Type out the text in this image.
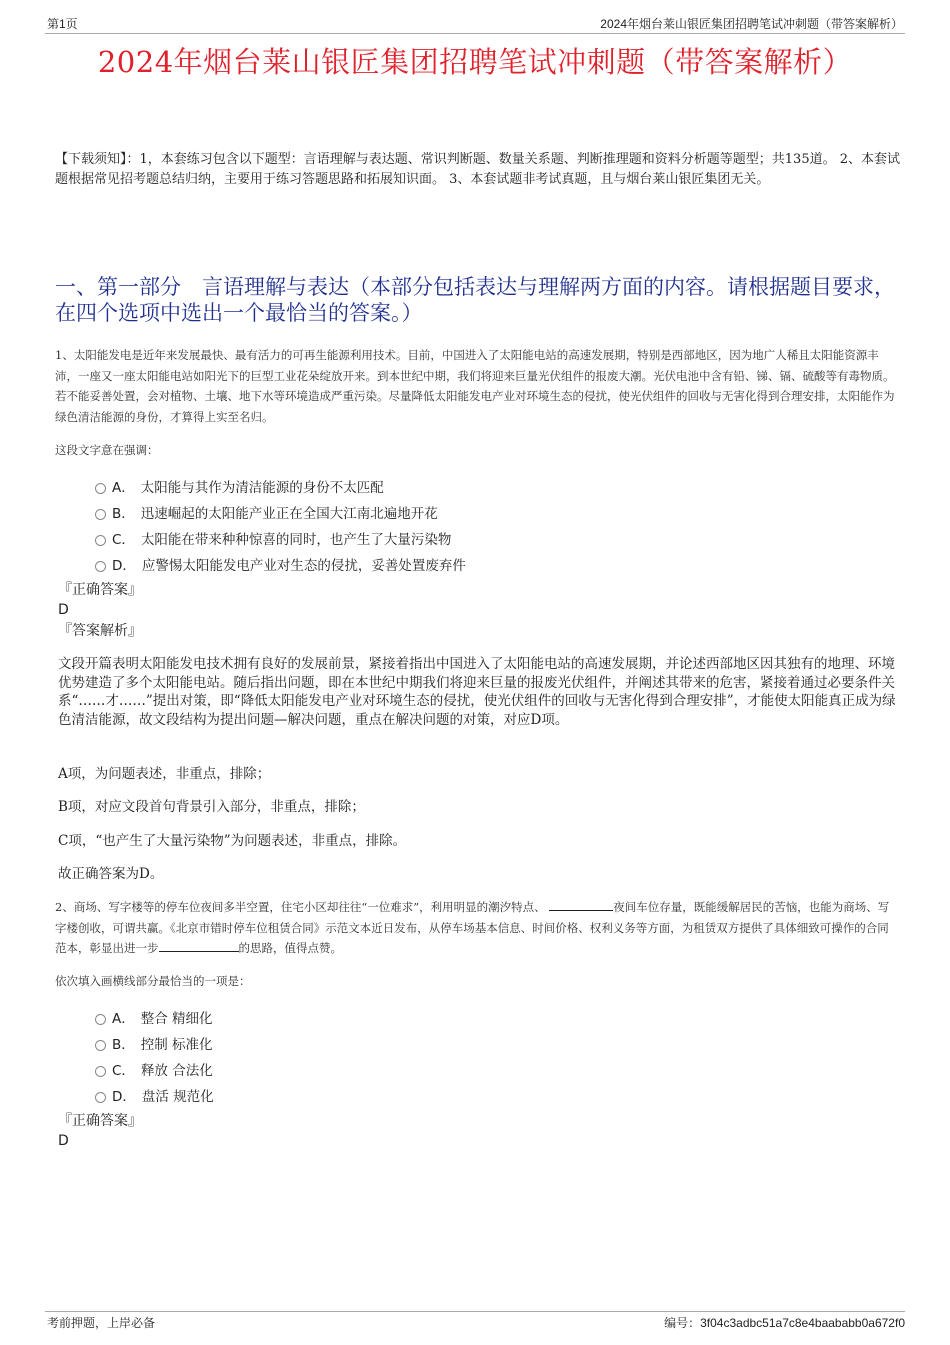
第1页	2024年烟台莱山银匠集团招聘笔试冲刺题（带答案解析）
2024年烟台莱山银匠集团招聘笔试冲刺题（带答案解析）
【下载须知】：1，本套练习包含以下题型：言语理解与表达题、常识判断题、数量关系题、判断推理题和资料分析题等题型；共135道。 2、本套试题根据常见招考题总结归纳，主要用于练习答题思路和拓展知识面。 3、本套试题非考试真题，且与烟台莱山银匠集团无关。
一、第一部分　言语理解与表达（本部分包括表达与理解两方面的内容。请根据题目要求，在四个选项中选出一个最恰当的答案。）
1、太阳能发电是近年来发展最快、最有活力的可再生能源利用技术。目前，中国进入了太阳能电站的高速发展期，特别是西部地区，因为地广人稀且太阳能资源丰沛，一座又一座太阳能电站如阳光下的巨型工业花朵绽放开来。到本世纪中期，我们将迎来巨量光伏组件的报废大潮。光伏电池中含有铅、锑、镉、硫酸等有毒物质。若不能妥善处置，会对植物、土壤、地下水等环境造成严重污染。尽量降低太阳能发电产业对环境生态的侵扰，使光伏组件的回收与无害化得到合理安排，太阳能作为绿色清洁能源的身份，才算得上实至名归。
这段文字意在强调：
A． 太阳能与其作为清洁能源的身份不太匹配
B． 迅速崛起的太阳能产业正在全国大江南北遍地开花
C． 太阳能在带来种种惊喜的同时，也产生了大量污染物
D． 应警惕太阳能发电产业对生态的侵扰，妥善处置废弃件
『正确答案』
D
『答案解析』
文段开篇表明太阳能发电技术拥有良好的发展前景，紧接着指出中国进入了太阳能电站的高速发展期，并论述西部地区因其独有的地理、环境优势建造了多个太阳能电站。随后指出问题，即在本世纪中期我们将迎来巨量的报废光伏组件，并阐述其带来的危害，紧接着通过必要条件关系“……才……”提出对策，即“降低太阳能发电产业对环境生态的侵扰，使光伏组件的回收与无害化得到合理安排”，才能使太阳能真正成为绿色清洁能源，故文段结构为提出问题—解决问题，重点在解决问题的对策，对应D项。
A项，为问题表述，非重点，排除；
B项，对应文段首句背景引入部分，非重点，排除；
C项，“也产生了大量污染物”为问题表述，非重点，排除。
故正确答案为D。
2、商场、写字楼等的停车位夜间多半空置，住宅小区却往往“一位难求”，利用明显的潮汐特点、	夜间车位存量，既能缓解居民的苦恼，也能为商场、写字楼创收，可谓共赢。《北京市错时停车位租赁合同》示范文本近日发布，从停车场基本信息、时间价格、权利义务等方面，为租赁双方提供了具体细致可操作的合同范本，彰显出进一步	的思路，值得点赞。
依次填入画横线部分最恰当的一项是：
A． 整合 精细化
B． 控制 标准化
C． 释放 合法化
D． 盘活 规范化
『正确答案』
D
考前押题，上岸必备	编号：3f04c3adbc51a7c8e4baababb0a672f0
